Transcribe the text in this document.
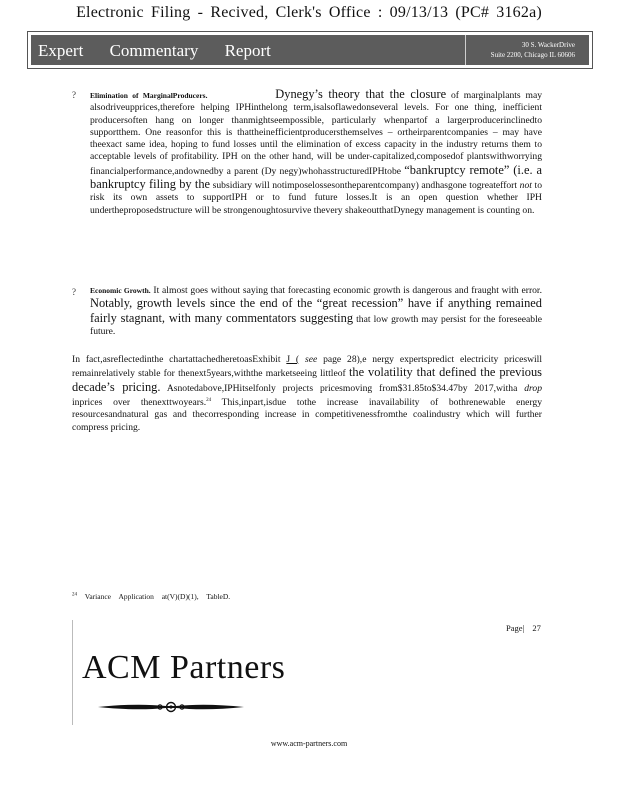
Electronic Filing - Recived, Clerk's Office : 09/13/13 (PC# 3162a)
Expert Commentary Report	30 S. WackerDrive
Suite 2200, Chicago IL 60606
? Elimination of MarginalProducers.	Dynegy’s theory that the closure of marginalplants may alsodriveupprices,therefore helping IPHinthelong term,isalsoflawedonseveral levels. For one thing, inefficient producersoften hang on longer thanmightseempossible, particularly whenpartof a largerproducerinclinedto supportthem. One reasonfor this is thattheinefficientproducersthemselves – ortheirparentcompanies – may have theexact same idea, hoping to fund losses until the elimination of excess capacity in the industry returns them to acceptable levels of profitability. IPH on the other hand, will be under-capitalized,composedof plantswithworrying financialperformance,andownedby a parent (Dy negy)whohasstructuredIPHtobe “bankruptcy remote” (i.e. a bankruptcy filing by the subsidiary will notimposelossesontheparentcompany) andhasgone togreateffort not to risk its own assets to supportIPH or to fund future losses.It is an open question whether IPH undertheproposedstructure will be strongenoughtosurvive thevery shakeoutthatDynegy management is counting on.
? Economic Growth. It almost goes without saying that forecasting economic growth is dangerous and fraught with error. Notably, growth levels since the end of the “great recession” have if anything remained fairly stagnant, with many commentators suggesting that low growth may persist for the foreseeable future.
In fact,asreflectedinthe chartattachedheretoasExhibit J ( see page 28),e nergy expertspredict electricity priceswill remainrelatively stable for thenext5years,withthe marketseeing littleof the volatility that defined the previous decade’s pricing. Asnotedabove,IPHitselfonly projects pricesmoving from$31.85to$34.47by 2017,witha drop inprices over thenexttwoyears.$^{24}$ This,inpart,isdue tothe increase inavailability of bothrenewable energy resourcesandnatural gas and thecorresponding increase in competitivenessfromthe coalindustry which will further compress pricing.
$^{24}$ Variance Application at(V)(D)(1), TableD.
Page| 27
ACM Partners
www.acm-partners.com
